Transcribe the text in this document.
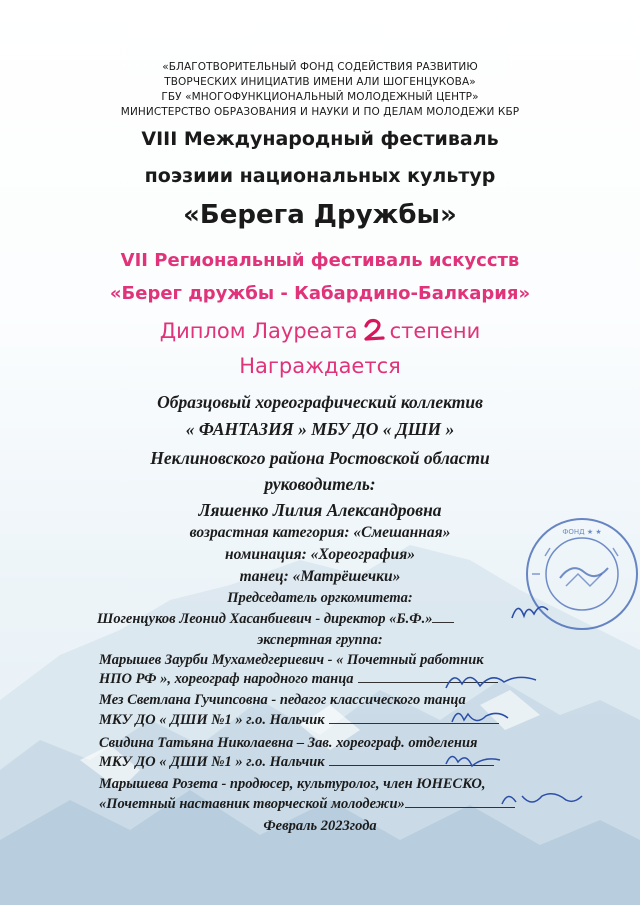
ФОНД ★ ★
«БЛАГОТВОРИТЕЛЬНЫЙ ФОНД СОДЕЙСТВИЯ РАЗВИТИЮ
ТВОРЧЕСКИХ ИНИЦИАТИВ ИМЕНИ АЛИ ШОГЕНЦУКОВА»
ГБУ «МНОГОФУНКЦИОНАЛЬНЫЙ МОЛОДЕЖНЫЙ ЦЕНТР»
МИНИСТЕРСТВО ОБРАЗОВАНИЯ И НАУКИ И ПО ДЕЛАМ МОЛОДЕЖИ КБР
VIII Международный фестиваль
поэзиии национальных культур
«Берега Дружбы»
VII Региональный фестиваль искусств
«Берег дружбы - Кабардино-Балкария»
Диплом Лауреата степени
Награждается
Образцовый хореографический коллектив
« ФАНТАЗИЯ » МБУ ДО « ДШИ »
Неклиновского района Ростовской области
руководитель:
Ляшенко Лилия Александровна
возрастная категория: «Смешанная»
номинация: «Хореография»
танец: «Матрёшечки»
Председатель оргкомитета:
Шогенцуков Леонид Хасанбиевич - директор «Б.Ф.»
экспертная группа:
Марышев Заурби Мухамедгериевич - « Почетный работник
НПО РФ », хореограф народного танца
Мез Светлана Гучипсовна - педагог классического танца
МКУ ДО « ДШИ №1 » г.о. Нальчик
Свидина Татьяна Николаевна – Зав. хореограф. отделения
МКУ ДО « ДШИ №1 » г.о. Нальчик
Марышева Розета - продюсер, культуролог, член ЮНЕСКО,
«Почетный наставник творческой молодежи»
Февраль 2023года
